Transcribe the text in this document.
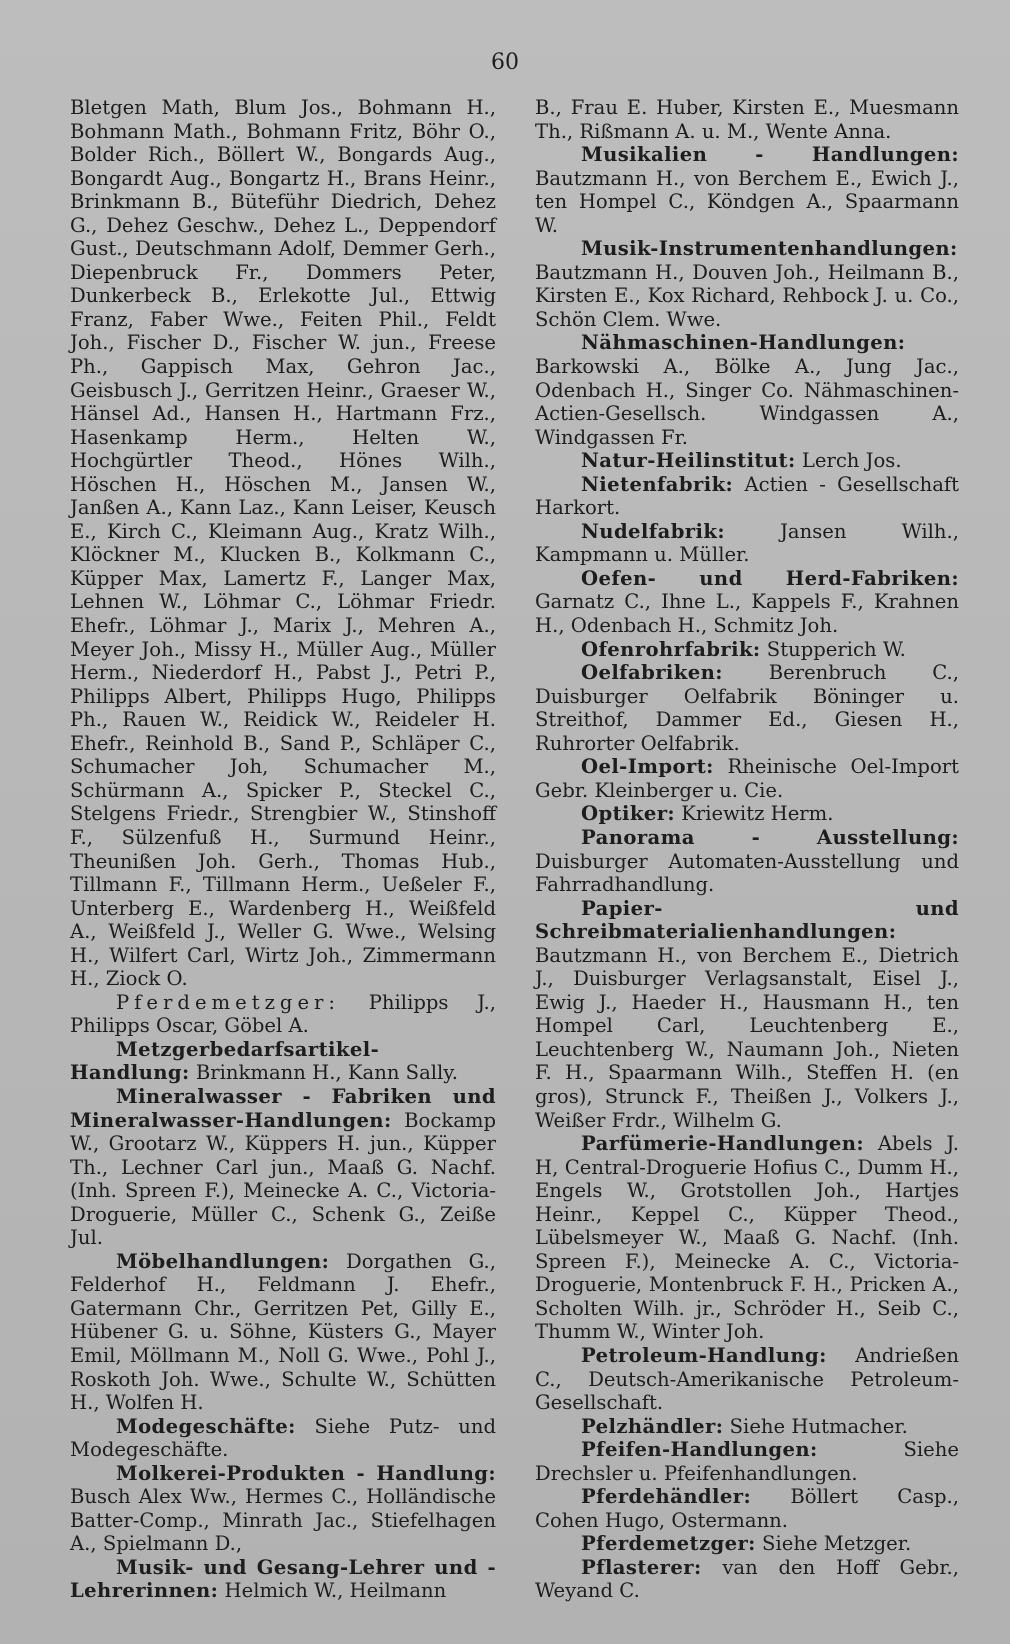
60

Bletgen Math, Blum Jos., Bohmann H., Bohmann Math., Bohmann Fritz, Böhr O., Bolder Rich., Böllert W., Bongards Aug., Bongardt Aug., Bongartz H., Brans Heinr., Brinkmann B., Büteführ Diedrich, Dehez G., Dehez Geschw., Dehez L., Deppendorf Gust., Deutschmann Adolf, Demmer Gerh., Diepenbruck Fr., Dommers Peter, Dunkerbeck B., Erlekotte Jul., Ettwig Franz, Faber Wwe., Feiten Phil., Feldt Joh., Fischer D., Fischer W. jun., Freese Ph., Gappisch Max, Gehron Jac., Geisbusch J., Gerritzen Heinr., Graeser W., Hänsel Ad., Hansen H., Hartmann Frz., Hasenkamp Herm., Helten W., Hochgürtler Theod., Hönes Wilh., Höschen H., Höschen M., Jansen W., Janßen A., Kann Laz., Kann Leiser, Keusch E., Kirch C., Kleimann Aug., Kratz Wilh., Klöckner M., Klucken B., Kolkmann C., Küpper Max, Lamertz F., Langer Max, Lehnen W., Löhmar C., Löhmar Friedr. Ehefr., Löhmar J., Marix J., Mehren A., Meyer Joh., Missy H., Müller Aug., Müller Herm., Niederdorf H., Pabst J., Petri P., Philipps Albert, Philipps Hugo, Philipps Ph., Rauen W., Reidick W., Reideler H. Ehefr., Reinhold B., Sand P., Schläper C., Schumacher Joh, Schumacher M., Schürmann A., Spicker P., Steckel C., Stelgens Friedr., Strengbier W., Stinshoff F., Sülzenfuß H., Surmund Heinr., Theunißen Joh. Gerh., Thomas Hub., Tillmann F., Tillmann Herm., Ueßeler F., Unterberg E., Wardenberg H., Weißfeld A., Weißfeld J., Weller G. Wwe., Welsing H., Wilfert Carl, Wirtz Joh., Zimmermann H., Ziock O.

Pferdemetzger: Philipps J., Philipps Oscar, Göbel A.

Metzgerbedarfsartikel-Handlung: Brinkmann H., Kann Sally.

Mineralwasser - Fabriken und Mineralwasser-Handlungen: Bockamp W., Grootarz W., Küppers H. jun., Küpper Th., Lechner Carl jun., Maaß G. Nachf. (Inh. Spreen F.), Meinecke A. C., Victoria-Droguerie, Müller C., Schenk G., Zeiße Jul.

Möbelhandlungen: Dorgathen G., Felderhof H., Feldmann J. Ehefr., Gatermann Chr., Gerritzen Pet, Gilly E., Hübener G. u. Söhne, Küsters G., Mayer Emil, Möllmann M., Noll G. Wwe., Pohl J., Roskoth Joh. Wwe., Schulte W., Schütten H., Wolfen H.

Modegeschäfte: Siehe Putz- und Modegeschäfte.

Molkerei-Produkten - Handlung: Busch Alex Ww., Hermes C., Holländische Batter-Comp., Minrath Jac., Stiefelhagen A., Spielmann D.,

Musik- und Gesang-Lehrer und -Lehrerinnen: Helmich W., Heilmann

B., Frau E. Huber, Kirsten E., Muesmann Th., Rißmann A. u. M., Wente Anna.

Musikalien - Handlungen: Bautzmann H., von Berchem E., Ewich J., ten Hompel C., Köndgen A., Spaarmann W.

Musik-Instrumentenhandlungen: Bautzmann H., Douven Joh., Heilmann B., Kirsten E., Kox Richard, Rehbock J. u. Co., Schön Clem. Wwe.

Nähmaschinen-Handlungen: Barkowski A., Bölke A., Jung Jac., Odenbach H., Singer Co. Nähmaschinen-Actien-Gesellsch. Windgassen A., Windgassen Fr.

Natur-Heilinstitut: Lerch Jos.

Nietenfabrik: Actien - Gesellschaft Harkort.

Nudelfabrik: Jansen Wilh., Kampmann u. Müller.

Oefen- und Herd-Fabriken: Garnatz C., Ihne L., Kappels F., Krahnen H., Odenbach H., Schmitz Joh.

Ofenrohrfabrik: Stupperich W.

Oelfabriken: Berenbruch C., Duisburger Oelfabrik Böninger u. Streithof, Dammer Ed., Giesen H., Ruhrorter Oelfabrik.

Oel-Import: Rheinische Oel-Import Gebr. Kleinberger u. Cie.

Optiker: Kriewitz Herm.

Panorama - Ausstellung: Duisburger Automaten-Ausstellung und Fahrradhandlung.

Papier- und Schreibmaterialienhandlungen: Bautzmann H., von Berchem E., Dietrich J., Duisburger Verlagsanstalt, Eisel J., Ewig J., Haeder H., Hausmann H., ten Hompel Carl, Leuchtenberg E., Leuchtenberg W., Naumann Joh., Nieten F. H., Spaarmann Wilh., Steffen H. (en gros), Strunck F., Theißen J., Volkers J., Weißer Frdr., Wilhelm G.

Parfümerie-Handlungen: Abels J. H, Central-Droguerie Hofius C., Dumm H., Engels W., Grotstollen Joh., Hartjes Heinr., Keppel C., Küpper Theod., Lübelsmeyer W., Maaß G. Nachf. (Inh. Spreen F.), Meinecke A. C., Victoria-Droguerie, Montenbruck F. H., Pricken A., Scholten Wilh. jr., Schröder H., Seib C., Thumm W., Winter Joh.

Petroleum-Handlung: Andrießen C., Deutsch-Amerikanische Petroleum-Gesellschaft.

Pelzhändler: Siehe Hutmacher.

Pfeifen-Handlungen: Siehe Drechsler u. Pfeifenhandlungen.

Pferdehändler: Böllert Casp., Cohen Hugo, Ostermann.

Pferdemetzger: Siehe Metzger.

Pflasterer: van den Hoff Gebr., Weyand C.
